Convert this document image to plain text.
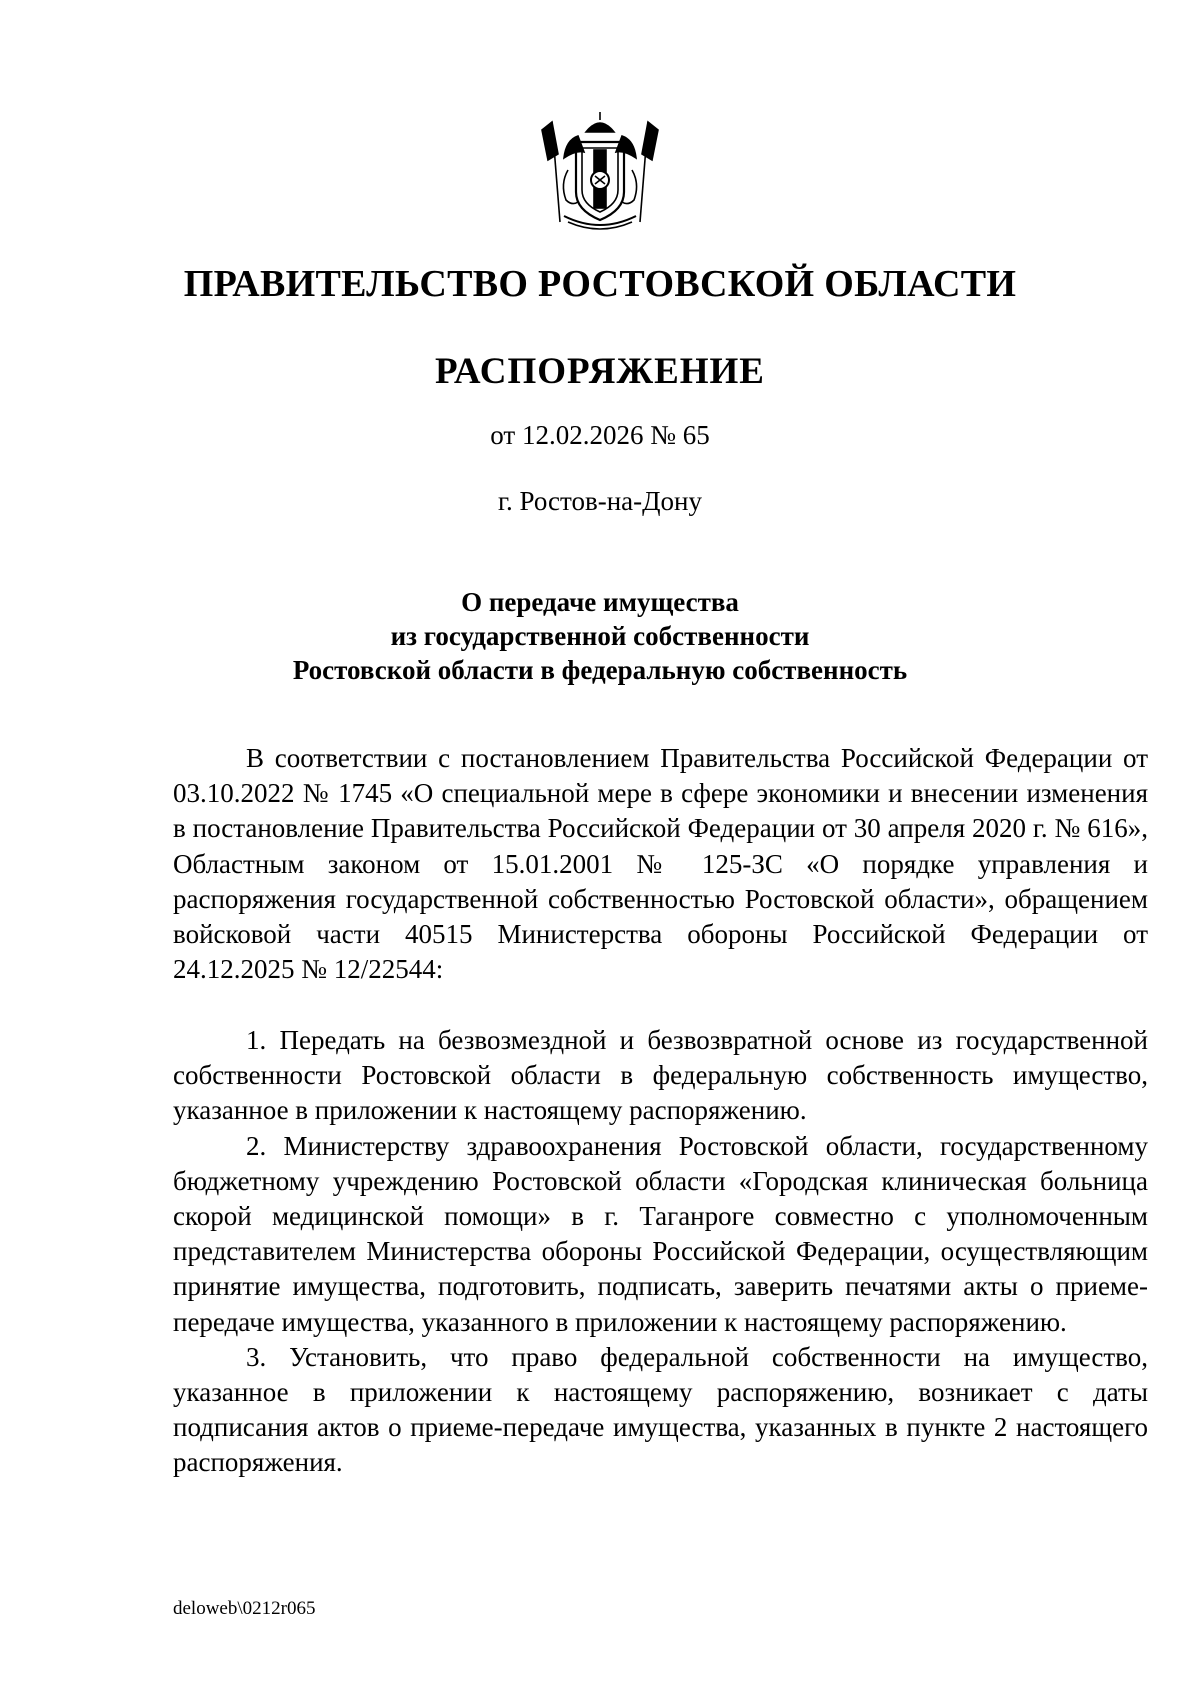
ПРАВИТЕЛЬСТВО РОСТОВСКОЙ ОБЛАСТИ
РАСПОРЯЖЕНИЕ
от 12.02.2026 № 65
г. Ростов-на-Дону
О передаче имущества
из государственной собственности
Ростовской области в федеральную собственность

В соответствии с постановлением Правительства Российской Федерации от 03.10.2022 № 1745 «О специальной мере в сфере экономики и внесении изменения в постановление Правительства Российской Федерации от 30 апреля 2020 г. № 616», Областным законом от 15.01.2001 № 125-ЗС «О порядке управления и распоряжения государственной собственностью Ростовской области», обращением войсковой части 40515 Министерства обороны Российской Федерации от 24.12.2025 № 12/22544:

1. Передать на безвозмездной и безвозвратной основе из государственной собственности Ростовской области в федеральную собственность имущество, указанное в приложении к настоящему распоряжению.

2. Министерству здравоохранения Ростовской области, государственному бюджетному учреждению Ростовской области «Городская клиническая больница скорой медицинской помощи» в г. Таганроге совместно с уполномоченным представителем Министерства обороны Российской Федерации, осуществляющим принятие имущества, подготовить, подписать, заверить печатями акты о приеме-передаче имущества, указанного в приложении к настоящему распоряжению.

3. Установить, что право федеральной собственности на имущество, указанное в приложении к настоящему распоряжению, возникает с даты подписания актов о приеме-передаче имущества, указанных в пункте 2 настоящего распоряжения.

deloweb\0212r065
